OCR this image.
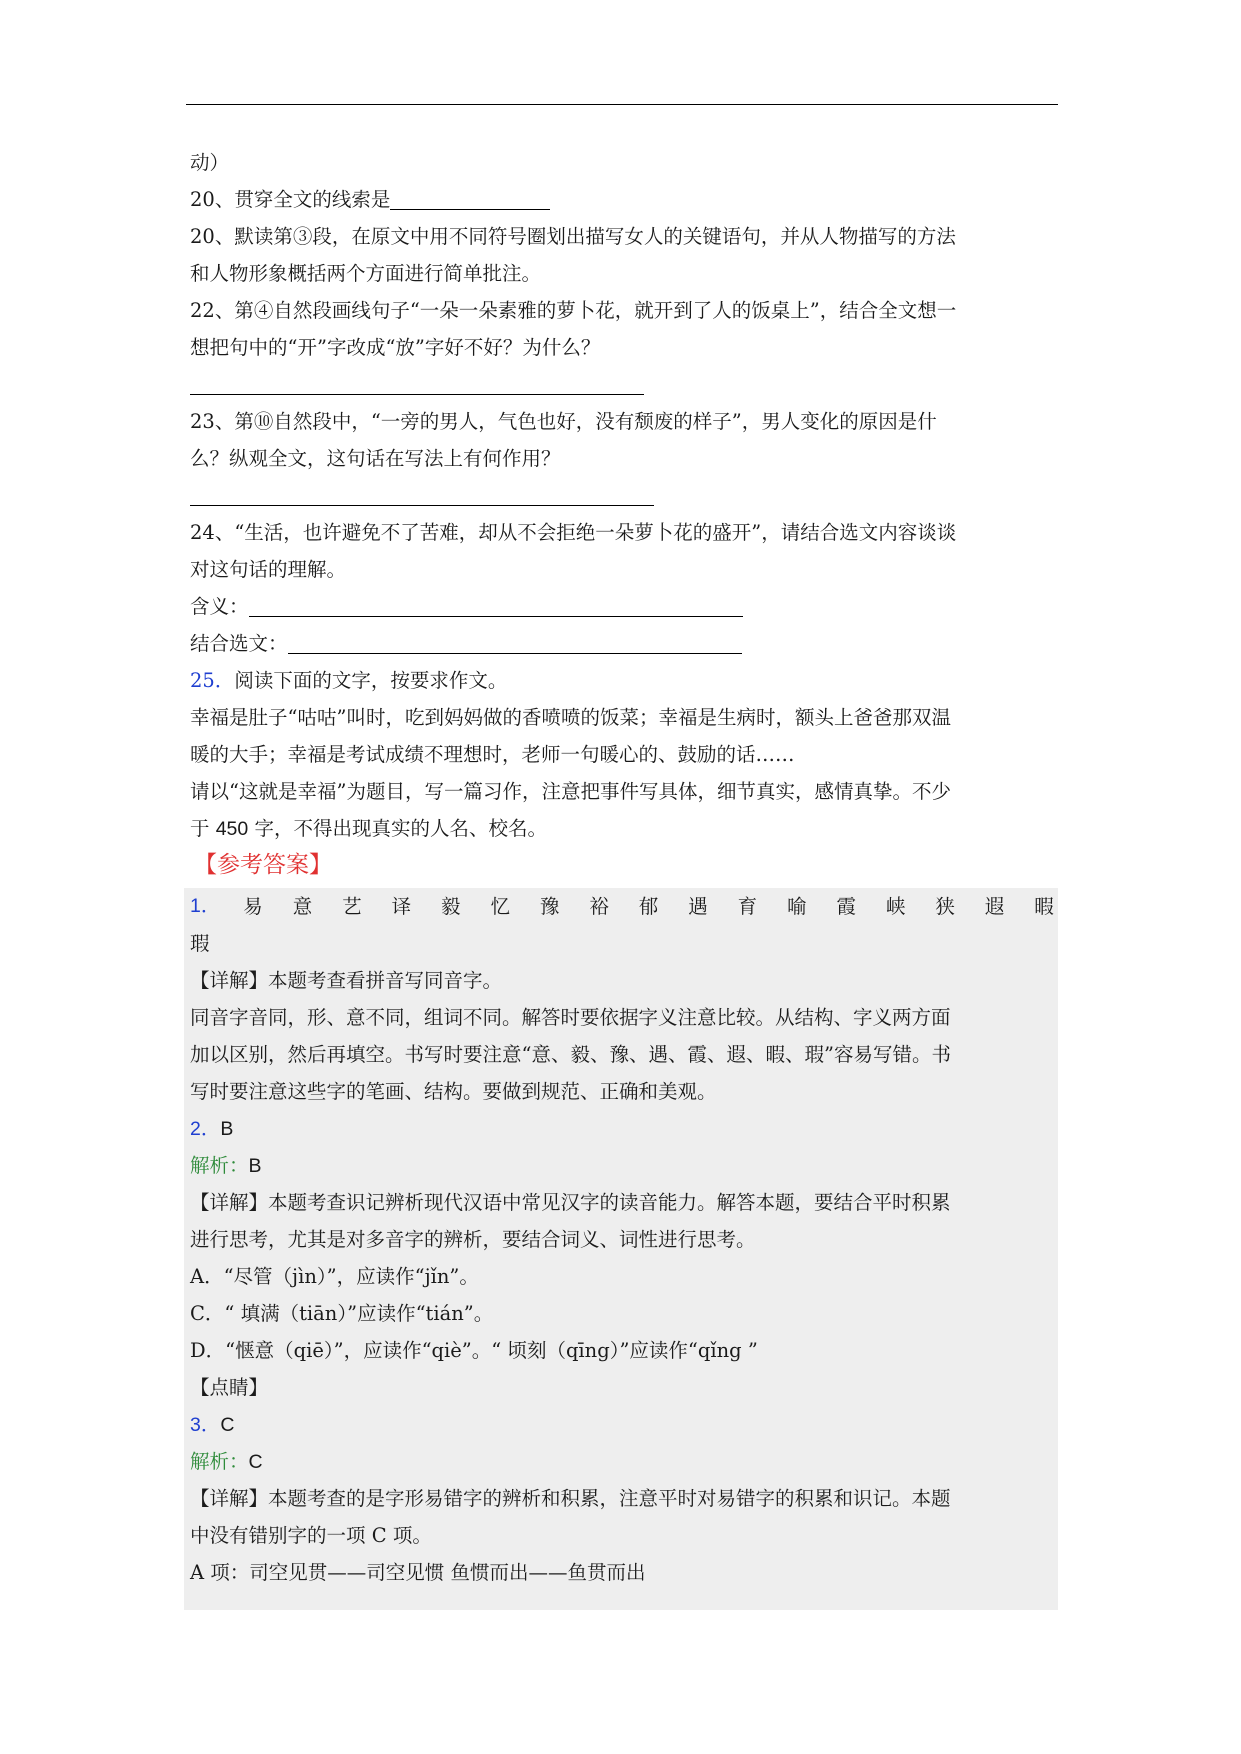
动）
20、贯穿全文的线索是
20、默读第③段，在原文中用不同符号圈划出描写女人的关键语句，并从人物描写的方法
和人物形象概括两个方面进行简单批注。
22、第④自然段画线句子“一朵一朵素雅的萝卜花，就开到了人的饭桌上”，结合全文想一
想把句中的“开”字改成“放”字好不好？为什么？
23、第⑩自然段中，“一旁的男人，气色也好，没有颓废的样子”，男人变化的原因是什
么？纵观全文，这句话在写法上有何作用？
24、“生活，也许避免不了苦难，却从不会拒绝一朵萝卜花的盛开”，请结合选文内容谈谈
对这句话的理解。
含义：
结合选文：
25．阅读下面的文字，按要求作文。
幸福是肚子“咕咕”叫时，吃到妈妈做的香喷喷的饭菜；幸福是生病时，额头上爸爸那双温
暖的大手；幸福是考试成绩不理想时，老师一句暖心的、鼓励的话……
请以“这就是幸福”为题目，写一篇习作，注意把事件写具体，细节真实，感情真挚。不少
于 450 字，不得出现真实的人名、校名。
【参考答案】
1．	易 意 艺 译 毅 忆 豫 裕 郁 遇 育 喻 霞 峡 狭 遐 暇
瑕
【详解】本题考查看拼音写同音字。
同音字音同，形、意不同，组词不同。解答时要依据字义注意比较。从结构、字义两方面
加以区别，然后再填空。书写时要注意“意、毅、豫、遇、霞、遐、暇、瑕”容易写错。书
写时要注意这些字的笔画、结构。要做到规范、正确和美观。
2．B
解析：B
【详解】本题考查识记辨析现代汉语中常见汉字的读音能力。解答本题，要结合平时积累
进行思考，尤其是对多音字的辨析，要结合词义、词性进行思考。
A．“尽管（jìn）”，应读作“jǐn”。
C．“ 填满（tiān）”应读作“tián”。
D．“惬意（qiē）”，应读作“qiè”。“ 顷刻（qīng）”应读作“qǐng ”
【点睛】
3．C
解析：C
【详解】本题考查的是字形易错字的辨析和积累，注意平时对易错字的积累和识记。本题
中没有错别字的一项 C 项。
A 项：司空见贯——司空见惯 鱼惯而出——鱼贯而出
